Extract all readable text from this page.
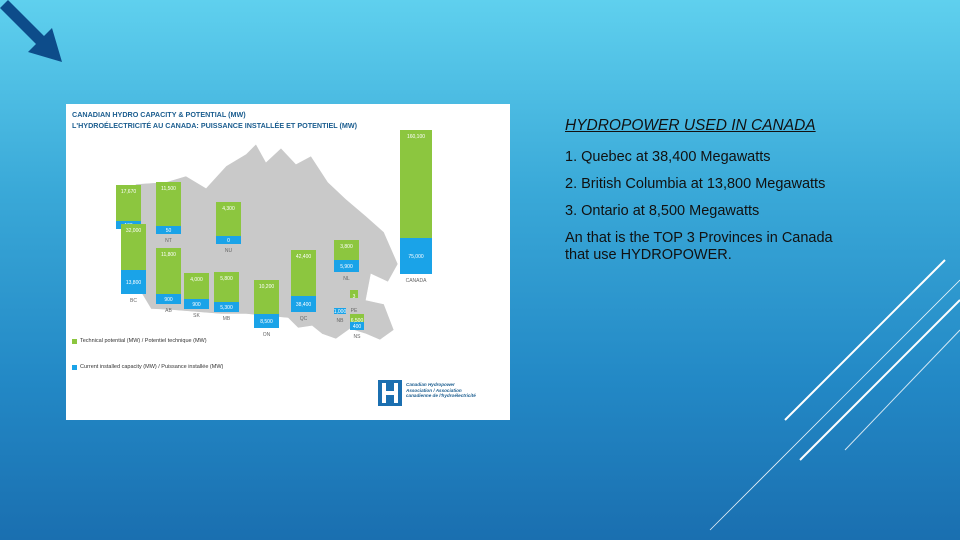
17,670
50
11,500
NT	0
4,300
NU
13,800
32,000
BC	900
11,800
AB
900
4,000
SK
5,300
5,800
MB	8,500
10,200
ON
38,400
42,400
QC
5,900
3,800
NL
1,000
NB
3
PE
400
6,500
NS
75,000
160,100
CANADA
CANADIAN HYDRO CAPACITY & POTENTIAL (MW)
L'HYDROÉLECTRICITÉ AU CANADA: PUISSANCE INSTALLÉE ET POTENTIEL (MW)
Technical potential (MW) / Potentiel technique (MW)
Current installed capacity (MW) / Puissance installée (MW)
Canadian Hydropower Association / Association canadienne de l'hydroélectricité
HYDROPOWER USED IN CANADA
1. Quebec at 38,400 Megawatts
2. British Columbia at 13,800 Megawatts
3. Ontario at 8,500 Megawatts
An that is the TOP 3 Provinces in Canada that use HYDROPOWER.
